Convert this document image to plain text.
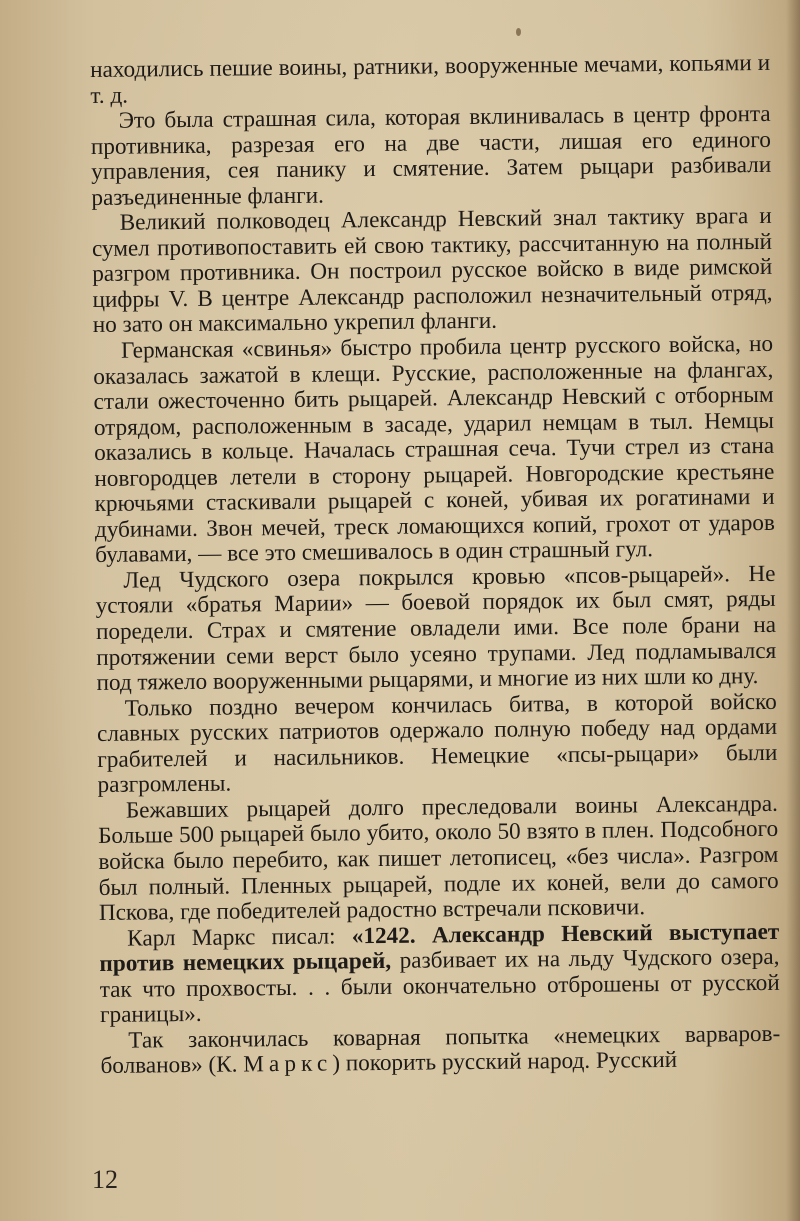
находились пешие воины, ратники, вооруженные мечами, копьями и т. д.

Это была страшная сила, которая вклинивалась в центр фронта противника, разрезая его на две части, лишая его единого управления, сея панику и смятение. Затем рыцари разбивали разъединенные фланги.

Великий полководец Александр Невский знал тактику врага и сумел противопоставить ей свою тактику, рассчитанную на полный разгром противника. Он построил русское войско в виде римской цифры V. В центре Александр расположил незначительный отряд, но зато он максимально укрепил фланги.

Германская «свинья» быстро пробила центр русского войска, но оказалась зажатой в клещи. Русские, расположенные на флангах, стали ожесточенно бить рыцарей. Александр Невский с отборным отрядом, расположенным в засаде, ударил немцам в тыл. Немцы оказались в кольце. Началась страшная сеча. Тучи стрел из стана новгородцев летели в сторону рыцарей. Новгородские крестьяне крючьями стаскивали рыцарей с коней, убивая их рогатинами и дубинами. Звон мечей, треск ломающихся копий, грохот от ударов булавами, — все это смешивалось в один страшный гул.

Лед Чудского озера покрылся кровью «псов-рыцарей». Не устояли «братья Марии» — боевой порядок их был смят, ряды поредели. Страх и смятение овладели ими. Все поле брани на протяжении семи верст было усеяно трупами. Лед подламывался под тяжело вооруженными рыцарями, и многие из них шли ко дну.

Только поздно вечером кончилась битва, в которой войско славных русских патриотов одержало полную победу над ордами грабителей и насильников. Немецкие «псы-рыцари» были разгромлены.

Бежавших рыцарей долго преследовали воины Александра. Больше 500 рыцарей было убито, около 50 взято в плен. Подсобного войска было перебито, как пишет летописец, «без числа». Разгром был полный. Пленных рыцарей, подле их коней, вели до самого Пскова, где победителей радостно встречали псковичи.

Карл Маркс писал: «1242. Александр Невский выступает против немецких рыцарей, разбивает их на льду Чудского озера, так что прохвосты. . . были окончательно отброшены от русской границы».

Так закончилась коварная попытка «немецких варваров-болванов» (К. Маркс) покорить русский народ. Русский

12
